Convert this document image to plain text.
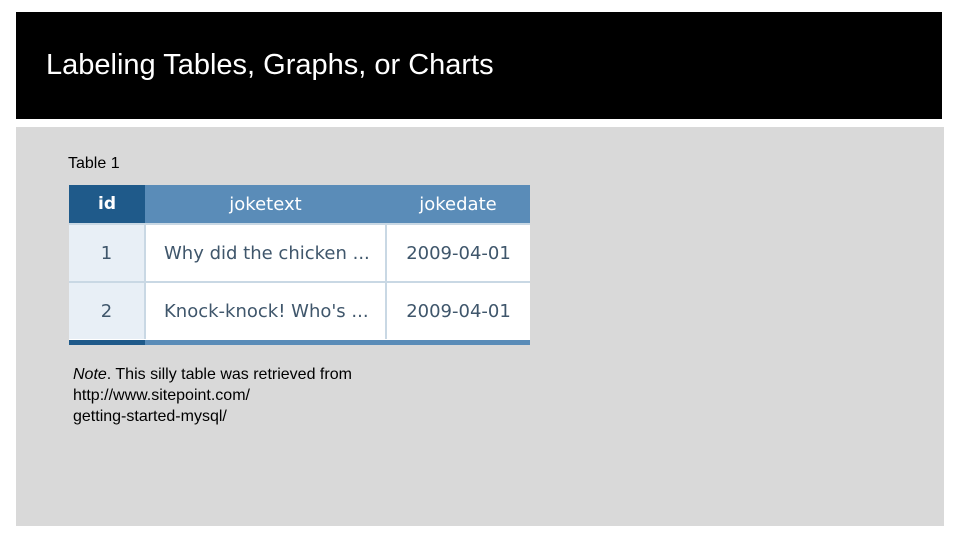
Labeling Tables, Graphs, or Charts
Table 1
id	joketext	jokedate
1	Why did the chicken ...	2009-04-01
2	Knock-knock! Who's ...	2009-04-01
Note. This silly table was retrieved from
http://www.sitepoint.com/
getting-started-mysql/
